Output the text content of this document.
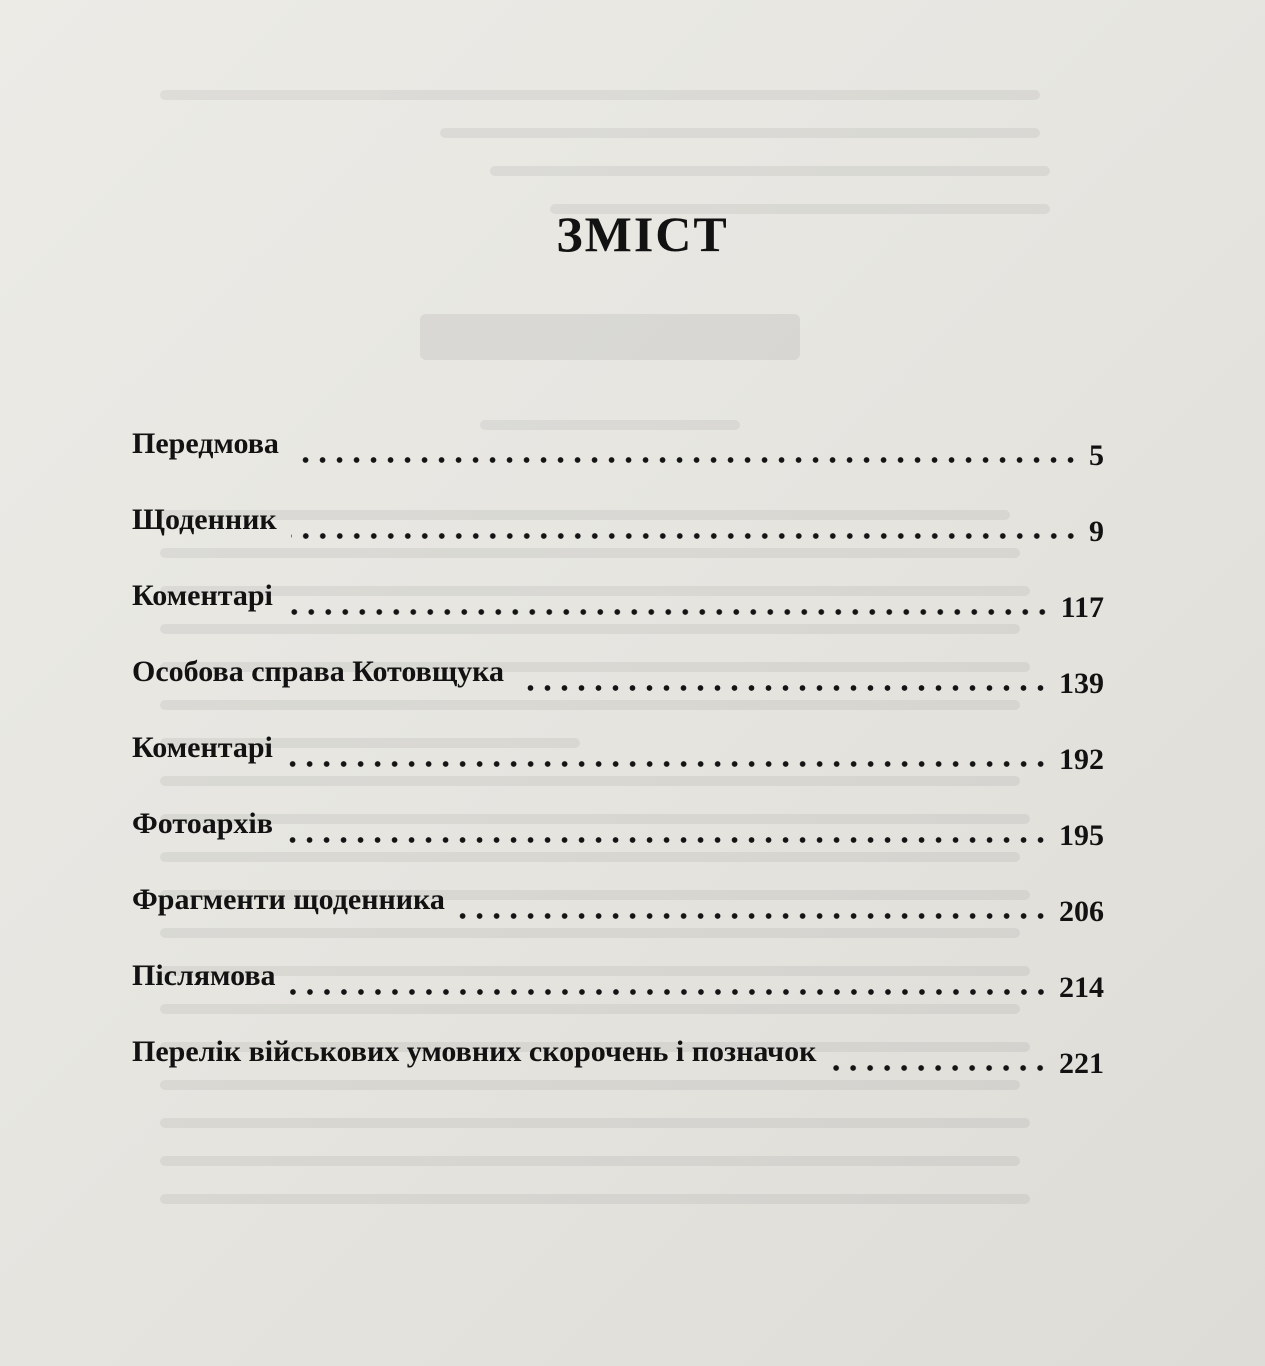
ЗМІСТ
Передмова	5
Щоденник	9
Коментарі	117
Особова справа Котовщука	139
Коментарі	192
Фотоархів	195
Фрагменти щоденника	206
Післямова	214
Перелік військових умовних скорочень і позначок	221
